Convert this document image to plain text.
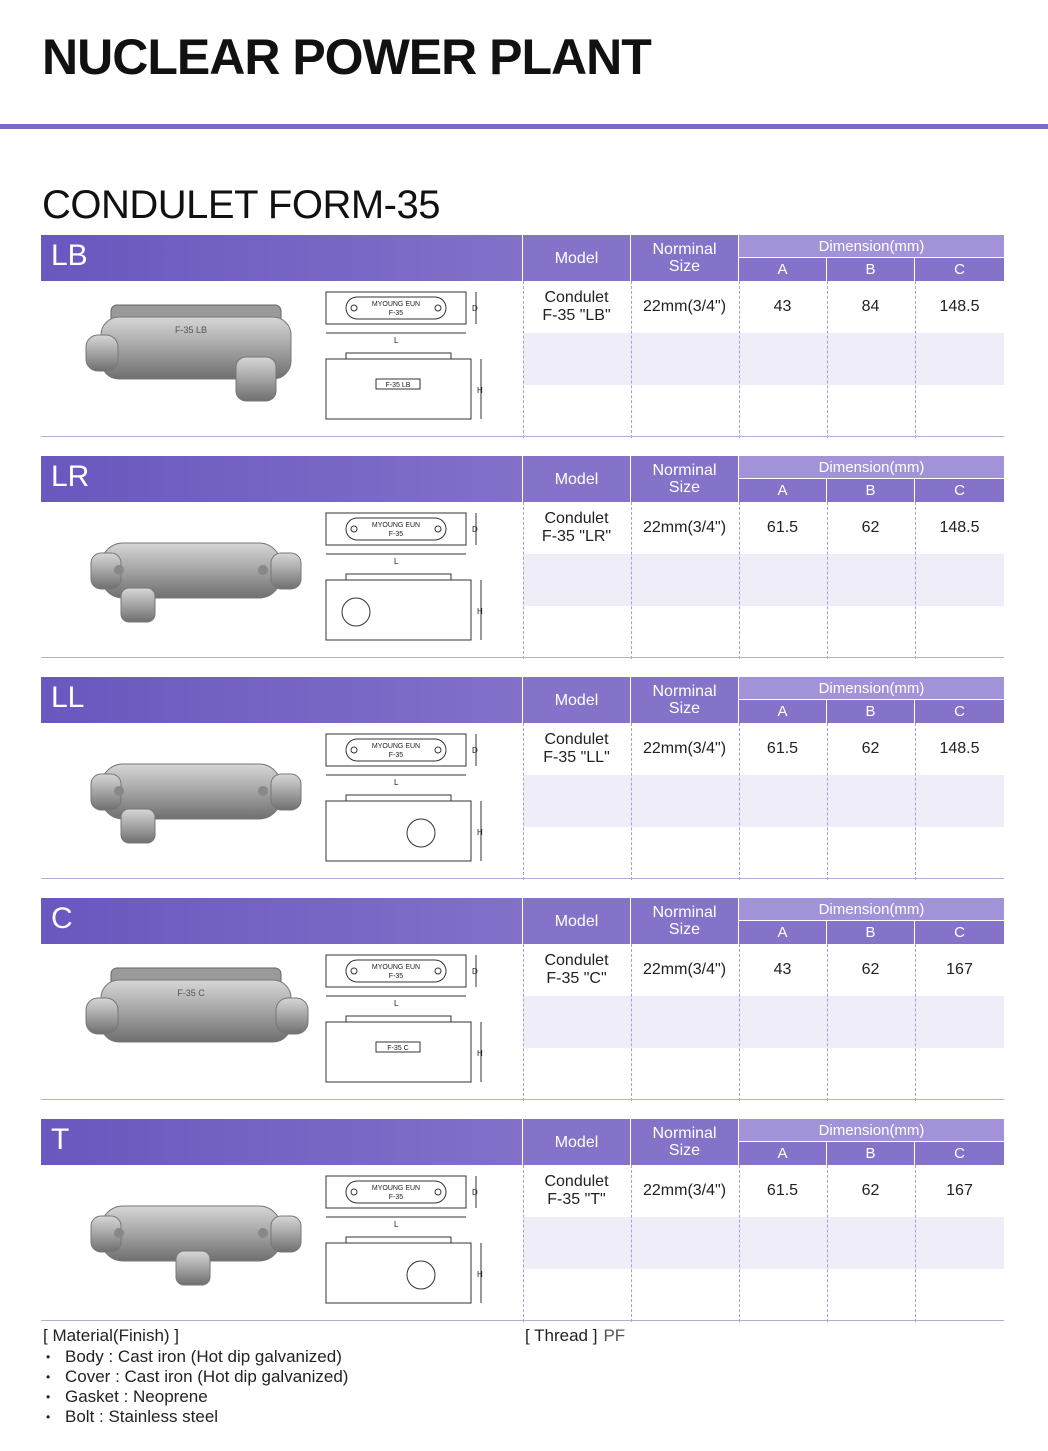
NUCLEAR POWER PLANT
CONDULET FORM-35
LB	Model	Norminal
Size
Dimension(mm)
A	B	C
Condulet
F-35 "LB"
22mm(3/4")	43	84	148.5
F-35 LB
MYOUNG EUN
F-35
D
L
H
F-35 LB
LR	Model	Norminal
Size
Dimension(mm)
A	B	C
Condulet
F-35 "LR"
22mm(3/4")	61.5	62	148.5
MYOUNG EUN
F-35
D
L
H
LL	Model	Norminal
Size
Dimension(mm)
A	B	C
Condulet
F-35 "LL"
22mm(3/4")	61.5	62	148.5
MYOUNG EUN
F-35
D
L
H
C	Model	Norminal
Size
Dimension(mm)
A	B	C
Condulet
F-35 "C"
22mm(3/4")	43	62	167
F-35 C
MYOUNG EUN
F-35
D
L
H
F-35 C
T	Model	Norminal
Size
Dimension(mm)
A	B	C
Condulet
F-35 "T"
22mm(3/4")	61.5	62	167
MYOUNG EUN
F-35
D
L
H
[ Material(Finish) ]
• Body : Cast iron (Hot dip galvanized)
• Cover : Cast iron (Hot dip galvanized)
• Gasket : Neoprene
• Bolt : Stainless steel
[ Thread ] PF
